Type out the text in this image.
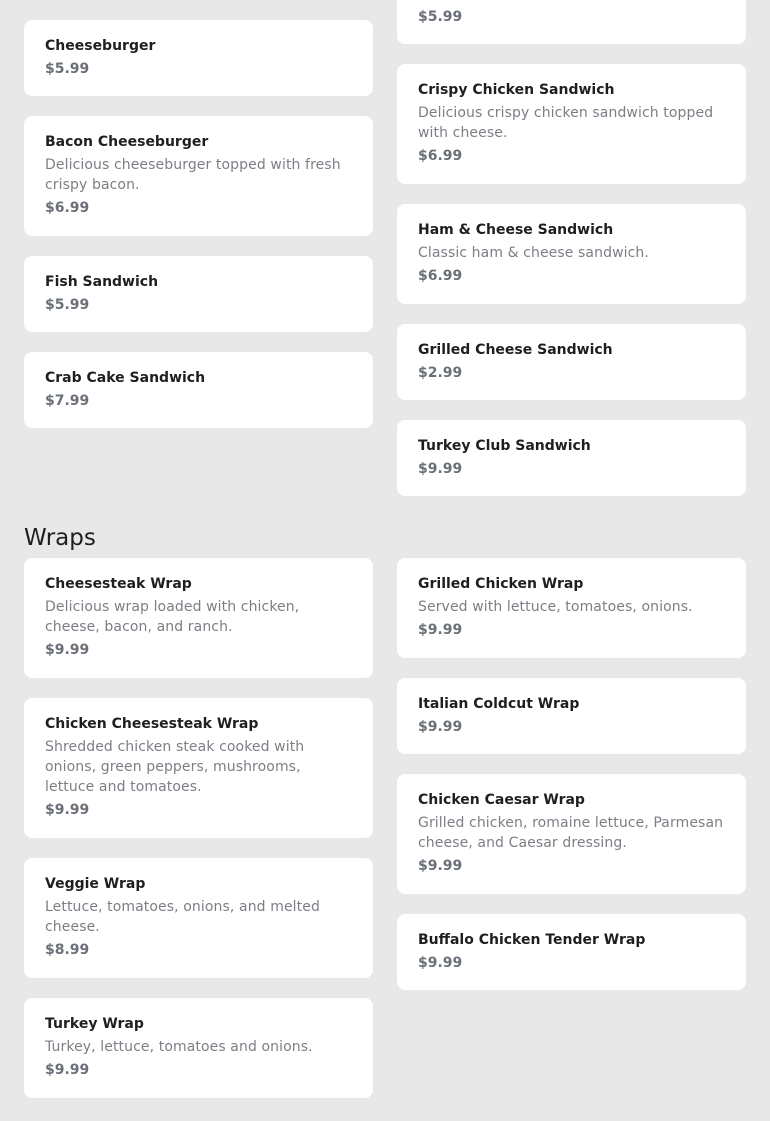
$5.99

Cheeseburger

$5.99

Bacon Cheeseburger

Delicious cheeseburger topped with fresh crispy bacon.

$6.99

Fish Sandwich

$5.99

Crab Cake Sandwich

$7.99

Crispy Chicken Sandwich

Delicious crispy chicken sandwich topped with cheese.

$6.99

Ham & Cheese Sandwich

Classic ham & cheese sandwich.

$6.99

Grilled Cheese Sandwich

$2.99

Turkey Club Sandwich

$9.99

Wraps

Cheesesteak Wrap

Delicious wrap loaded with chicken, cheese, bacon, and ranch.

$9.99

Chicken Cheesesteak Wrap

Shredded chicken steak cooked with onions, green peppers, mushrooms, lettuce and tomatoes.

$9.99

Veggie Wrap

Lettuce, tomatoes, onions, and melted cheese.

$8.99

Turkey Wrap

Turkey, lettuce, tomatoes and onions.

$9.99

Grilled Chicken Wrap

Served with lettuce, tomatoes, onions.

$9.99

Italian Coldcut Wrap

$9.99

Chicken Caesar Wrap

Grilled chicken, romaine lettuce, Parmesan cheese, and Caesar dressing.

$9.99

Buffalo Chicken Tender Wrap

$9.99
